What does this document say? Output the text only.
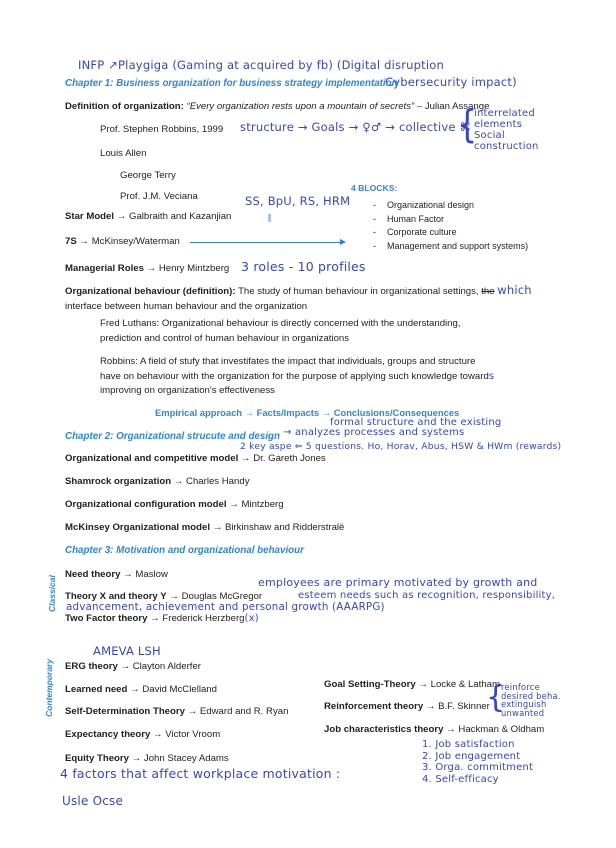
INFP ↗Playgiga (Gaming at acquired by fb) (Digital disruption
Cybersecurity impact)
Chapter 1: Business organization for business strategy implementation
Definition of organization: “Every organization rests upon a mountain of secrets” – Julian Assange
Prof. Stephen Robbins, 1999 structure → Goals → ♀♂ → collective ⌘
{
interrelated
elements
Social
construction
Louis Allen
George Terry
Prof. J.M. Veciana
4 BLOCKS:
- Organizational design
- Human Factor
- Corporate culture
- Management and support systems)
SS, BpU, RS, HRM
Star Model → Galbraith and Kazanjian
7S → McKinsey/Waterman
Managerial Roles → Henry Mintzberg 3 roles - 10 profiles
Organizational behaviour (definition): The study of human behaviour in organizational settings, the which
interface between human behaviour and the organization
Fred Luthans: Organizational behaviour is directly concerned with the understanding,
prediction and control of human behaviour in organizations
Robbins: A field of stufy that investifates the impact that individuals, groups and structure
have on behaviour with the organization for the purpose of applying such knowledge towards
improving on organization's effectiveness
Empirical approach → Facts/Impacts → Conclusions/Consequences
formal structure and the existing
Chapter 2: Organizational strucute and design → analyzes processes and systems
2 key aspe ⇐ 5 questions. Ho, Horav, Abus, HSW & HWm (rewards)
Organizational and competitive model → Dr. Gareth Jones
Shamrock organization → Charles Handy
Organizational configuration model → Mintzberg
McKinsey Organizational model → Birkinshaw and Ridderstralë
Chapter 3: Motivation and organizational behaviour
Classical
Contemporary
Need theory → Maslow
employees are primary motivated by growth and
Theory X and theory Y → Douglas McGregor	esteem needs such as recognition, responsibility,
advancement, achievement and personal growth (AAARPG)
Two Factor theory → Frederick Herzberg(x)
AMEVA LSH
ERG theory → Clayton Alderfer
Learned need → David McClelland	Goal Setting-Theory → Locke & Latham
Self-Determination Theory → Edward and R. Ryan	Reinforcement theory → B.F. Skinner
{
reinforce
desired beha.
extinguish
unwanted
Expectancy theory → Victor Vroom	Job characteristics theory → Hackman & Oldham
1. Job satisfaction
2. Job engagement
3. Orga. commitment
4. Self-efficacy
Equity Theory → John Stacey Adams
4 factors that affect workplace motivation :
Usle Ocse
